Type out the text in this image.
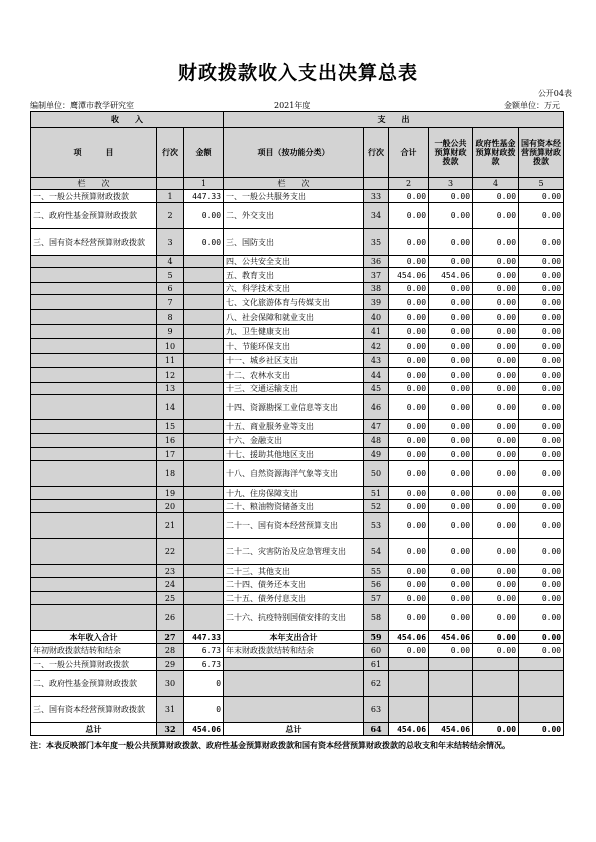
财政拨款收入支出决算总表
公开04表
编制单位：鹰潭市教学研究室	2021年度	金额单位：万元
收　　入			支　　出					
项　　　目	行次	金额	项目（按功能分类）	行次	合计	一般公共预算财政拨款	政府性基金预算财政拨款	国有资本经营预算财政拨款
栏　　次		1	栏　　次		2	3	4	5
一、一般公共预算财政拨款	1	447.33	一、一般公共服务支出	33	0.00	0.00	0.00	0.00
二、政府性基金预算财政拨款	2	0.00	二、外交支出	34	0.00	0.00	0.00	0.00
三、国有资本经营预算财政拨款	3	0.00	三、国防支出	35	0.00	0.00	0.00	0.00
	4		四、公共安全支出	36	0.00	0.00	0.00	0.00
	5		五、教育支出	37	454.06	454.06	0.00	0.00
	6		六、科学技术支出	38	0.00	0.00	0.00	0.00
	7		七、文化旅游体育与传媒支出	39	0.00	0.00	0.00	0.00
	8		八、社会保障和就业支出	40	0.00	0.00	0.00	0.00
	9		九、卫生健康支出	41	0.00	0.00	0.00	0.00
	10		十、节能环保支出	42	0.00	0.00	0.00	0.00
	11		十一、城乡社区支出	43	0.00	0.00	0.00	0.00
	12		十二、农林水支出	44	0.00	0.00	0.00	0.00
	13		十三、交通运输支出	45	0.00	0.00	0.00	0.00
	14		十四、资源勘探工业信息等支出	46	0.00	0.00	0.00	0.00
	15		十五、商业服务业等支出	47	0.00	0.00	0.00	0.00
	16		十六、金融支出	48	0.00	0.00	0.00	0.00
	17		十七、援助其他地区支出	49	0.00	0.00	0.00	0.00
	18		十八、自然资源海洋气象等支出	50	0.00	0.00	0.00	0.00
	19		十九、住房保障支出	51	0.00	0.00	0.00	0.00
	20		二十、粮油物资储备支出	52	0.00	0.00	0.00	0.00
	21		二十一、国有资本经营预算支出	53	0.00	0.00	0.00	0.00
	22		二十二、灾害防治及应急管理支出	54	0.00	0.00	0.00	0.00
	23		二十三、其他支出	55	0.00	0.00	0.00	0.00
	24		二十四、债务还本支出	56	0.00	0.00	0.00	0.00
	25		二十五、债务付息支出	57	0.00	0.00	0.00	0.00
	26		二十六、抗疫特别国债安排的支出	58	0.00	0.00	0.00	0.00
本年收入合计	27	447.33	本年支出合计	59	454.06	454.06	0.00	0.00
年初财政拨款结转和结余	28	6.73	年末财政拨款结转和结余	60	0.00	0.00	0.00	0.00
一、一般公共预算财政拨款	29	6.73		61				
二、政府性基金预算财政拨款	30	0		62				
三、国有资本经营预算财政拨款	31	0		63				
总计	32	454.06	总计	64	454.06	454.06	0.00	0.00
注：本表反映部门本年度一般公共预算财政拨款、政府性基金预算财政拨款和国有资本经营预算财政拨款的总收支和年末结转结余情况。
